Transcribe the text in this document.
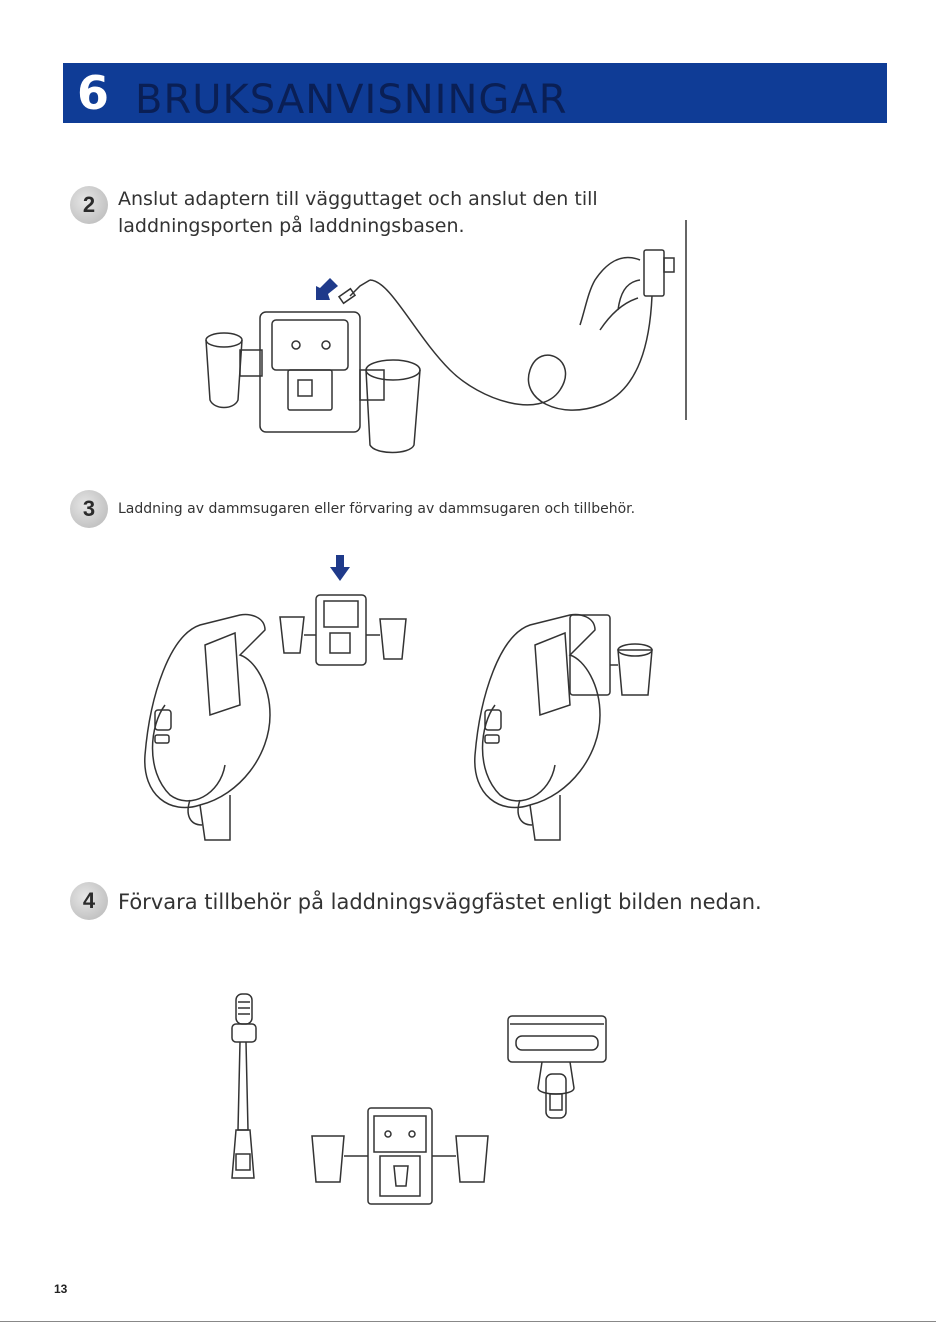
6 BRUKSANVISNINGAR
2	Anslut adaptern till vägguttaget och anslut den till laddningsporten på laddningsbasen.
3	Laddning av dammsugaren eller förvaring av dammsugaren och tillbehör.
4	Förvara tillbehör på laddningsväggfästet enligt bilden nedan.
13
